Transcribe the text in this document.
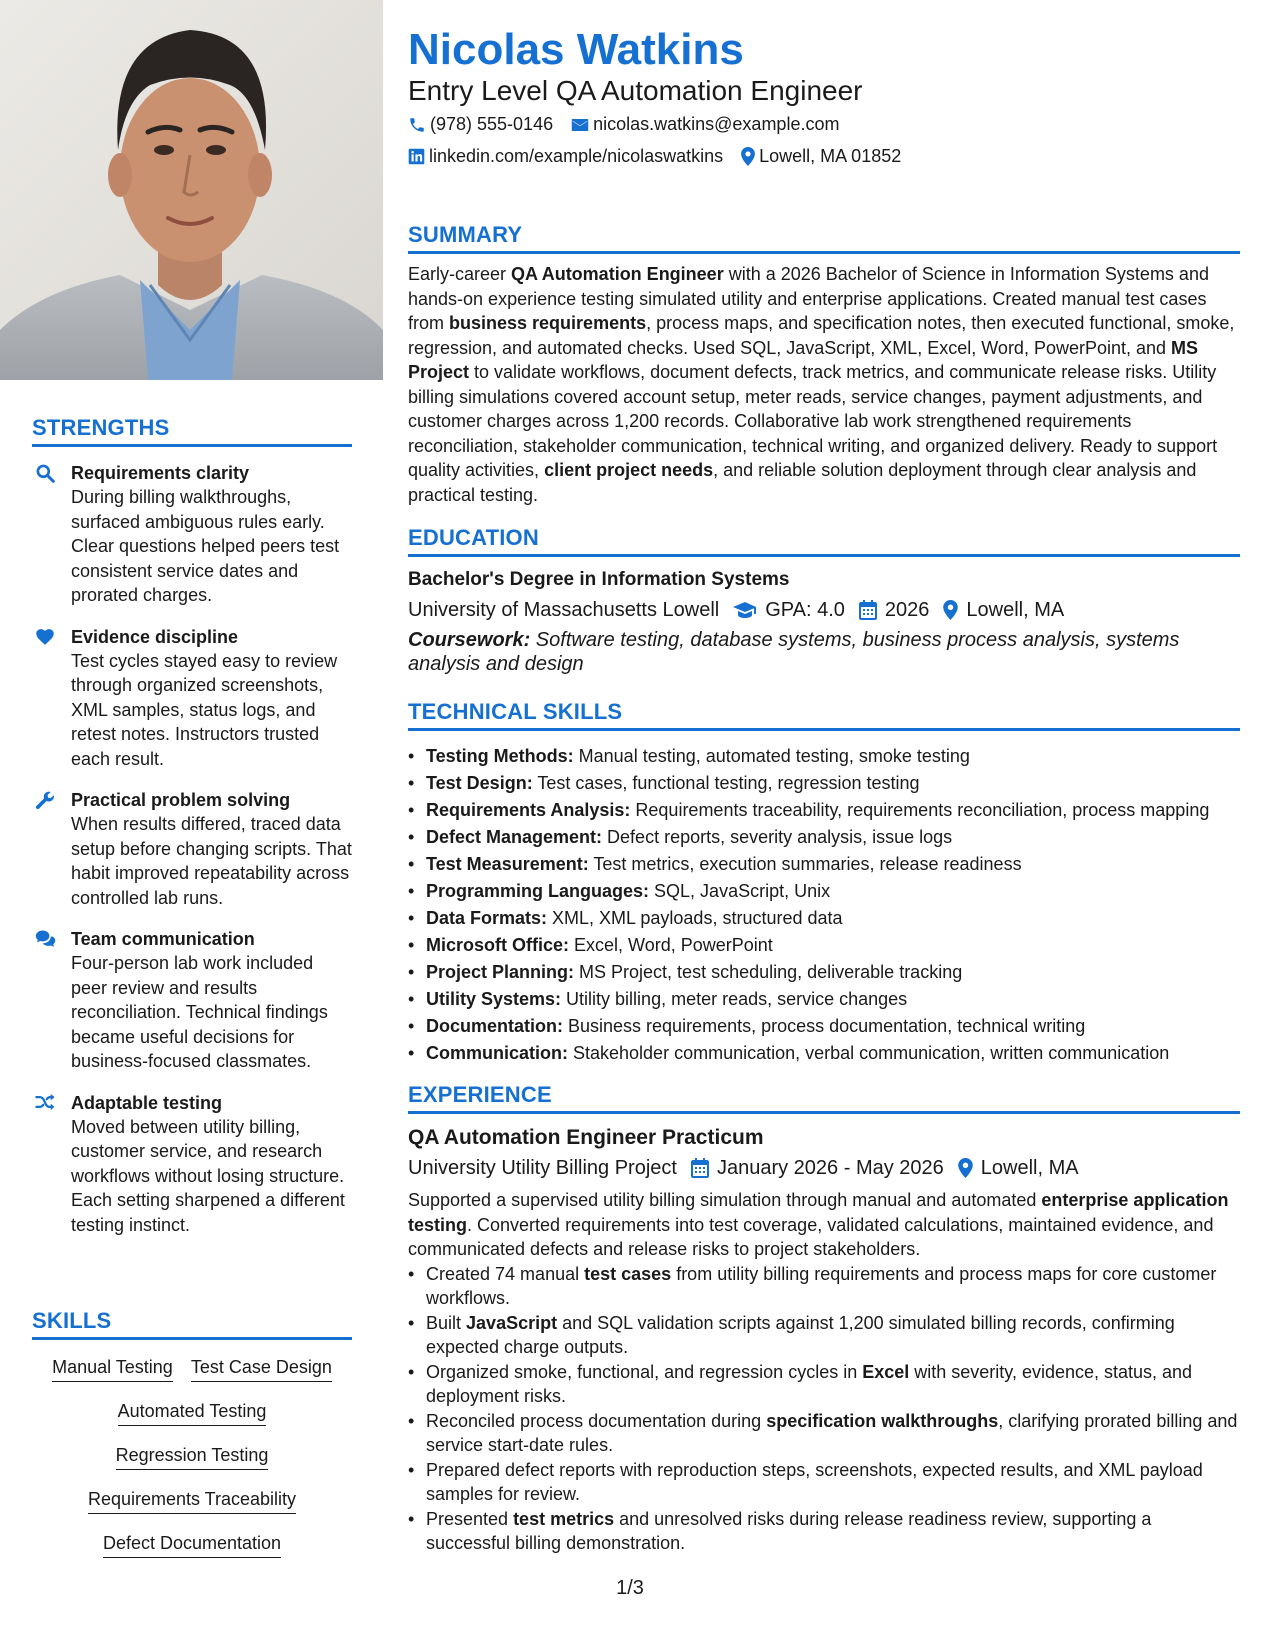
STRENGTHS
Requirements clarity
During billing walkthroughs, surfaced ambiguous rules early. Clear questions helped peers test consistent service dates and prorated charges.
Evidence discipline
Test cycles stayed easy to review through organized screenshots, XML samples, status logs, and retest notes. Instructors trusted each result.
Practical problem solving
When results differed, traced data setup before changing scripts. That habit improved repeatability across controlled lab runs.
Team communication
Four-person lab work included peer review and results reconciliation. Technical findings became useful decisions for business-focused classmates.
Adaptable testing
Moved between utility billing, customer service, and research workflows without losing structure. Each setting sharpened a different testing instinct.
SKILLS
Manual Testing Test Case Design
Automated Testing
Regression Testing
Requirements Traceability
Defect Documentation
Nicolas Watkins
Entry Level QA Automation Engineer
(978) 555-0146 nicolas.watkins@example.com
linkedin.com/example/nicolaswatkins Lowell, MA 01852
SUMMARY
Early-career QA Automation Engineer with a 2026 Bachelor of Science in Information Systems and hands-on experience testing simulated utility and enterprise applications. Created manual test cases from business requirements, process maps, and specification notes, then executed functional, smoke, regression, and automated checks. Used SQL, JavaScript, XML, Excel, Word, PowerPoint, and MS Project to validate workflows, document defects, track metrics, and communicate release risks. Utility billing simulations covered account setup, meter reads, service changes, payment adjustments, and customer charges across 1,200 records. Collaborative lab work strengthened requirements reconciliation, stakeholder communication, technical writing, and organized delivery. Ready to support quality activities, client project needs, and reliable solution deployment through clear analysis and practical testing.
EDUCATION
Bachelor's Degree in Information Systems
University of Massachusetts Lowell GPA: 4.0 2026 Lowell, MA
Coursework: Software testing, database systems, business process analysis, systems analysis and design
TECHNICAL SKILLS
• Testing Methods: Manual testing, automated testing, smoke testing
• Test Design: Test cases, functional testing, regression testing
• Requirements Analysis: Requirements traceability, requirements reconciliation, process mapping
• Defect Management: Defect reports, severity analysis, issue logs
• Test Measurement: Test metrics, execution summaries, release readiness
• Programming Languages: SQL, JavaScript, Unix
• Data Formats: XML, XML payloads, structured data
• Microsoft Office: Excel, Word, PowerPoint
• Project Planning: MS Project, test scheduling, deliverable tracking
• Utility Systems: Utility billing, meter reads, service changes
• Documentation: Business requirements, process documentation, technical writing
• Communication: Stakeholder communication, verbal communication, written communication
EXPERIENCE
QA Automation Engineer Practicum
University Utility Billing Project January 2026 - May 2026 Lowell, MA
Supported a supervised utility billing simulation through manual and automated enterprise application testing. Converted requirements into test coverage, validated calculations, maintained evidence, and communicated defects and release risks to project stakeholders.
• Created 74 manual test cases from utility billing requirements and process maps for core customer workflows.
• Built JavaScript and SQL validation scripts against 1,200 simulated billing records, confirming expected charge outputs.
• Organized smoke, functional, and regression cycles in Excel with severity, evidence, status, and deployment risks.
• Reconciled process documentation during specification walkthroughs, clarifying prorated billing and service start-date rules.
• Prepared defect reports with reproduction steps, screenshots, expected results, and XML payload samples for review.
• Presented test metrics and unresolved risks during release readiness review, supporting a successful billing demonstration.
1/3
